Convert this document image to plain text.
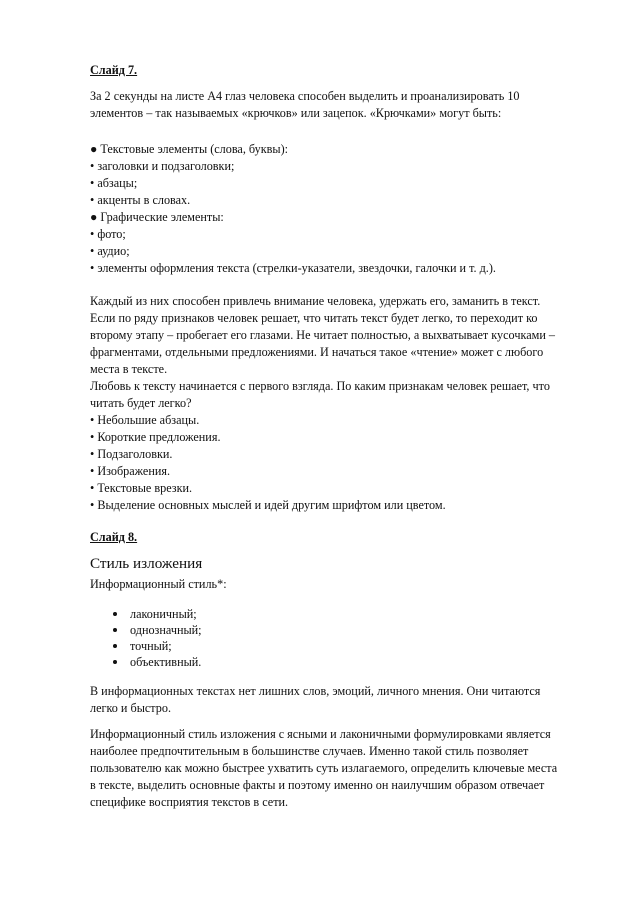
Слайд 7.
За 2 секунды на листе А4 глаз человека способен выделить и проанализировать 10
элементов – так называемых «крючков» или зацепок. «Крючками» могут быть:
● Текстовые элементы (слова, буквы):
• заголовки и подзаголовки;
• абзацы;
• акценты в словах.
● Графические элементы:
• фото;
• аудио;
• элементы оформления текста (стрелки-указатели, звездочки, галочки и т. д.).
Каждый из них способен привлечь внимание человека, удержать его, заманить в текст.
Если по ряду признаков человек решает, что читать текст будет легко, то переходит ко
второму этапу – пробегает его глазами. Не читает полностью, а выхватывает кусочками –
фрагментами, отдельными предложениями. И начаться такое «чтение» может с любого
места в тексте.
Любовь к тексту начинается с первого взгляда. По каким признакам человек решает, что
читать будет легко?
• Небольшие абзацы.
• Короткие предложения.
• Подзаголовки.
• Изображения.
• Текстовые врезки.
• Выделение основных мыслей и идей другим шрифтом или цветом.
Слайд 8.
Стиль изложения
Информационный стиль*:
лаконичный;
однозначный;
точный;
объективный.
В информационных текстах нет лишних слов, эмоций, личного мнения. Они читаются
легко и быстро.
Информационный стиль изложения с ясными и лаконичными формулировками является
наиболее предпочтительным в большинстве случаев. Именно такой стиль позволяет
пользователю как можно быстрее ухватить суть излагаемого, определить ключевые места
в тексте, выделить основные факты и поэтому именно он наилучшим образом отвечает
специфике восприятия текстов в сети.
